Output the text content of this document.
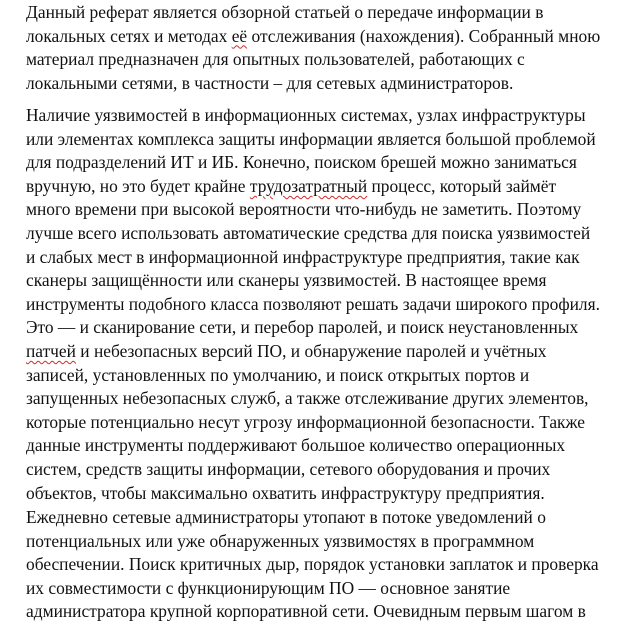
Данный реферат является обзорной статьей о передаче информации в
локальных сетях и методах её отслеживания (нахождения). Собранный мною
материал предназначен для опытных пользователей, работающих с
локальными сетями, в частности – для сетевых администраторов.
Наличие уязвимостей в информационных системах, узлах инфраструктуры
или элементах комплекса защиты информации является большой проблемой
для подразделений ИТ и ИБ. Конечно, поиском брешей можно заниматься
вручную, но это будет крайне трудозатратный процесс, который займёт
много времени при высокой вероятности что-нибудь не заметить. Поэтому
лучше всего использовать автоматические средства для поиска уязвимостей
и слабых мест в информационной инфраструктуре предприятия, такие как
сканеры защищённости или сканеры уязвимостей. В настоящее время
инструменты подобного класса позволяют решать задачи широкого профиля.
Это — и сканирование сети, и перебор паролей, и поиск неустановленных
патчей и небезопасных версий ПО, и обнаружение паролей и учётных
записей, установленных по умолчанию, и поиск открытых портов и
запущенных небезопасных служб, а также отслеживание других элементов,
которые потенциально несут угрозу информационной безопасности. Также
данные инструменты поддерживают большое количество операционных
систем, средств защиты информации, сетевого оборудования и прочих
объектов, чтобы максимально охватить инфраструктуру предприятия.
Ежедневно сетевые администраторы утопают в потоке уведомлений о
потенциальных или уже обнаруженных уязвимостях в программном
обеспечении. Поиск критичных дыр, порядок установки заплаток и проверка
их совместимости с функционирующим ПО — основное занятие
администратора крупной корпоративной сети. Очевидным первым шагом в
